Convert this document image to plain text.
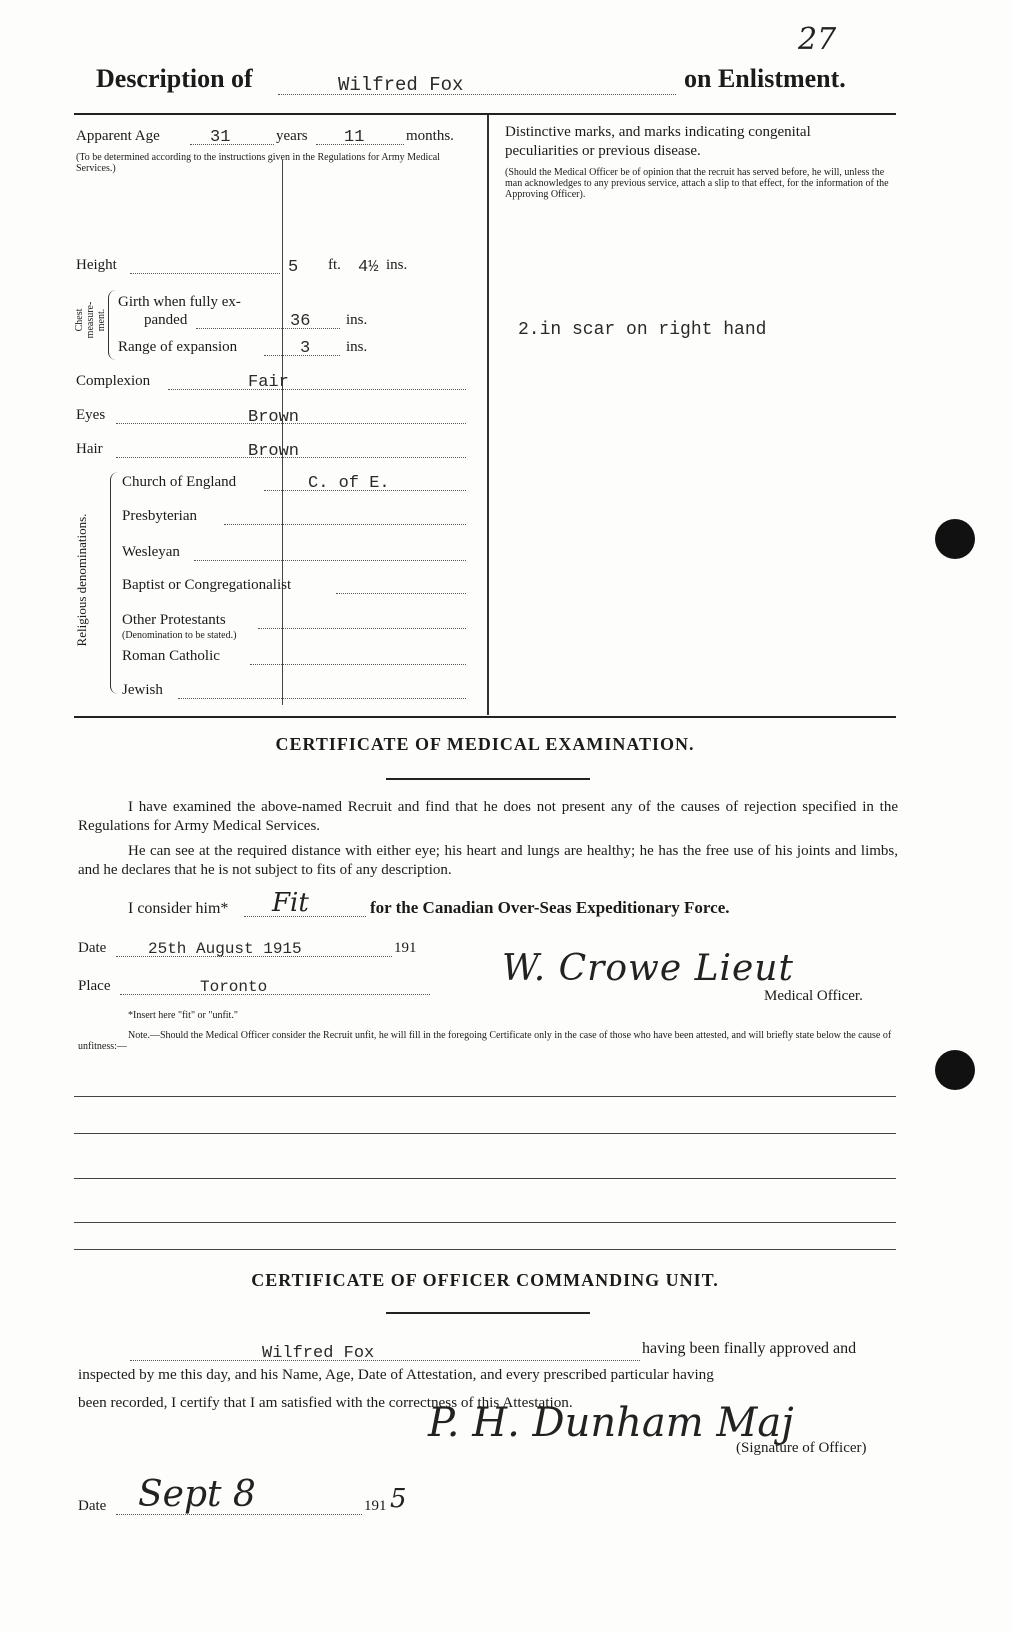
27
Description of	Wilfred Fox	on Enlistment.
Apparent Age	31	years 11	months.
(To be determined according to the instructions given in the Regulations for Army Medical Services.)
Height	5 ft. 4½ ins.
Chest measure- ment.
Girth when fully ex-
panded	36 ins.
Range of expansion	3 ins.
Complexion	Fair
Eyes	Brown
Hair	Brown
Religious denominations.
Church of England	C. of E.
Presbyterian
Wesleyan
Baptist or Congregationalist
Other Protestants
(Denomination to be stated.)
Roman Catholic
Jewish
Distinctive marks, and marks indicating congenital
peculiarities or previous disease.
(Should the Medical Officer be of opinion that the recruit has served before, he will, unless the man acknowledges to any previous service, attach a slip to that effect, for the information of the Approving Officer).
2.in scar on right hand
CERTIFICATE OF MEDICAL EXAMINATION.
I have examined the above-named Recruit and find that he does not present any of the causes of rejection specified in the Regulations for Army Medical Services.
He can see at the required distance with either eye; his heart and lungs are healthy; he has the free use of his joints and limbs, and he declares that he is not subject to fits of any description.
I consider him* Fit	for the Canadian Over-Seas Expeditionary Force.
Date	25th August 1915	191
Place	Toronto	W. Crowe Lieut
Medical Officer.
*Insert here "fit" or "unfit."
Note.—Should the Medical Officer consider the Recruit unfit, he will fill in the foregoing Certificate only in the case of those who have been attested, and will briefly state below the cause of unfitness:—
CERTIFICATE OF OFFICER COMMANDING UNIT.
Wilfred Fox	having been finally approved and
inspected by me this day, and his Name, Age, Date of Attestation, and every prescribed particular having
been recorded, I certify that I am satisfied with the correctness of this Attestation.
P. H. Dunham Maj
(Signature of Officer)
Date Sept 8	191 5
